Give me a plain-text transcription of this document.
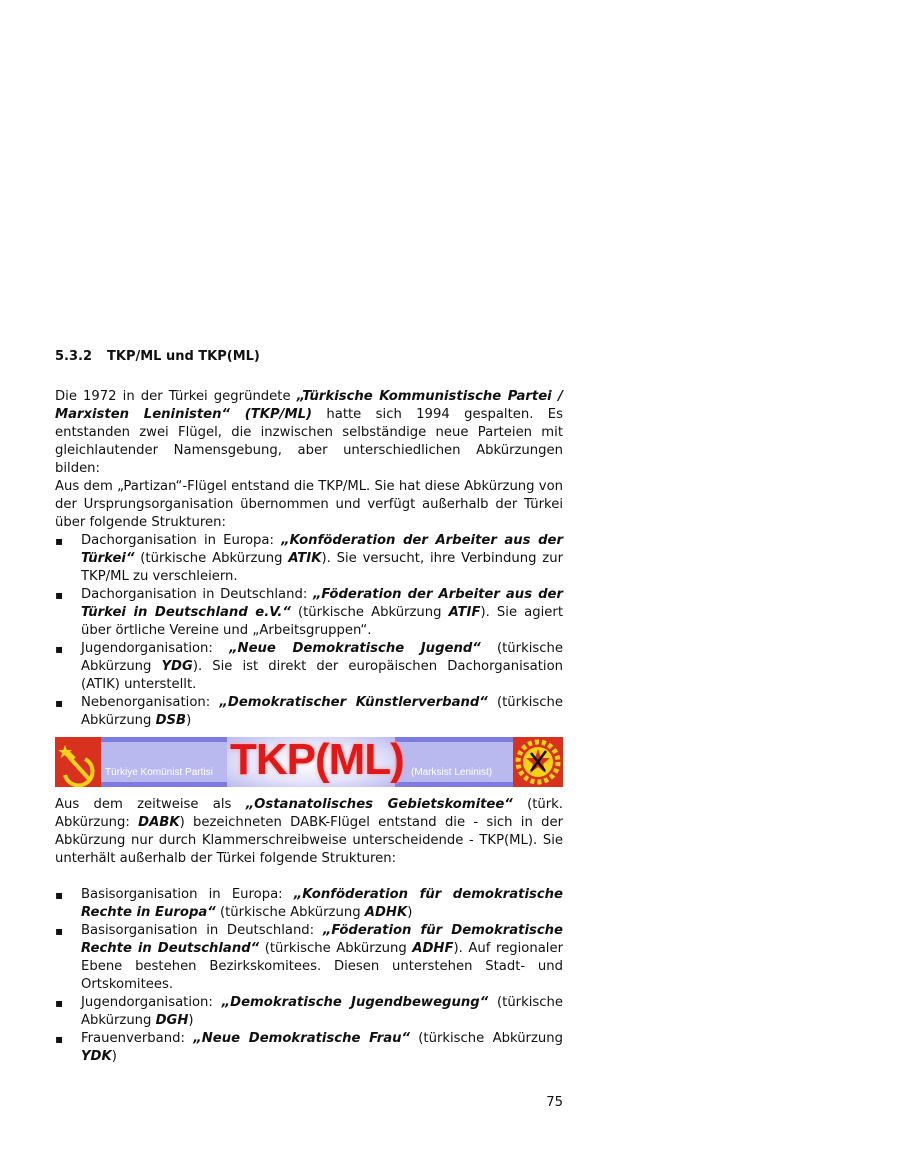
5.3.2 TKP/ML und TKP(ML)

Die 1972 in der Türkei gegründete „Türkische Kommunistische Partei / Marxisten Leninisten“ (TKP/ML) hatte sich 1994 gespalten. Es entstanden zwei Flügel, die inzwischen selbständige neue Parteien mit gleichlautender Namensgebung, aber unterschiedlichen Abkürzungen bilden:

Aus dem „Partizan“-Flügel entstand die TKP/ML. Sie hat diese Abkürzung von der Ursprungsorganisation übernommen und verfügt außerhalb der Türkei über folgende Strukturen:

▪ Dachorganisation in Europa: „Konföderation der Arbeiter aus der Türkei“ (türkische Abkürzung ATIK). Sie versucht, ihre Verbindung zur TKP/ML zu verschleiern.
▪ Dachorganisation in Deutschland: „Föderation der Arbeiter aus der Türkei in Deutschland e.V.“ (türkische Abkürzung ATIF). Sie agiert über örtliche Vereine und „Arbeitsgruppen“.
▪ Jugendorganisation: „Neue Demokratische Jugend“ (türkische Abkürzung YDG). Sie ist direkt der europäischen Dachorganisation (ATIK) unterstellt.
▪ Nebenorganisation: „Demokratischer Künstlerverband“ (türkische Abkürzung DSB)
Türkiye Komünist Partisi TKP(ML) (Marksist Leninist)

Aus dem zeitweise als „Ostanatolisches Gebietskomitee“ (türk. Abkürzung: DABK) bezeichneten DABK-Flügel entstand die - sich in der Abkürzung nur durch Klammerschreibweise unterscheidende - TKP(ML). Sie unterhält außerhalb der Türkei folgende Strukturen:

▪ Basisorganisation in Europa: „Konföderation für demokratische Rechte in Europa“ (türkische Abkürzung ADHK)
▪ Basisorganisation in Deutschland: „Föderation für Demokratische Rechte in Deutschland“ (türkische Abkürzung ADHF). Auf regionaler Ebene bestehen Bezirkskomitees. Diesen unterstehen Stadt- und Ortskomitees.
▪ Jugendorganisation: „Demokratische Jugendbewegung“ (türkische Abkürzung DGH)
▪ Frauenverband: „Neue Demokratische Frau“ (türkische Abkürzung YDK)
75
